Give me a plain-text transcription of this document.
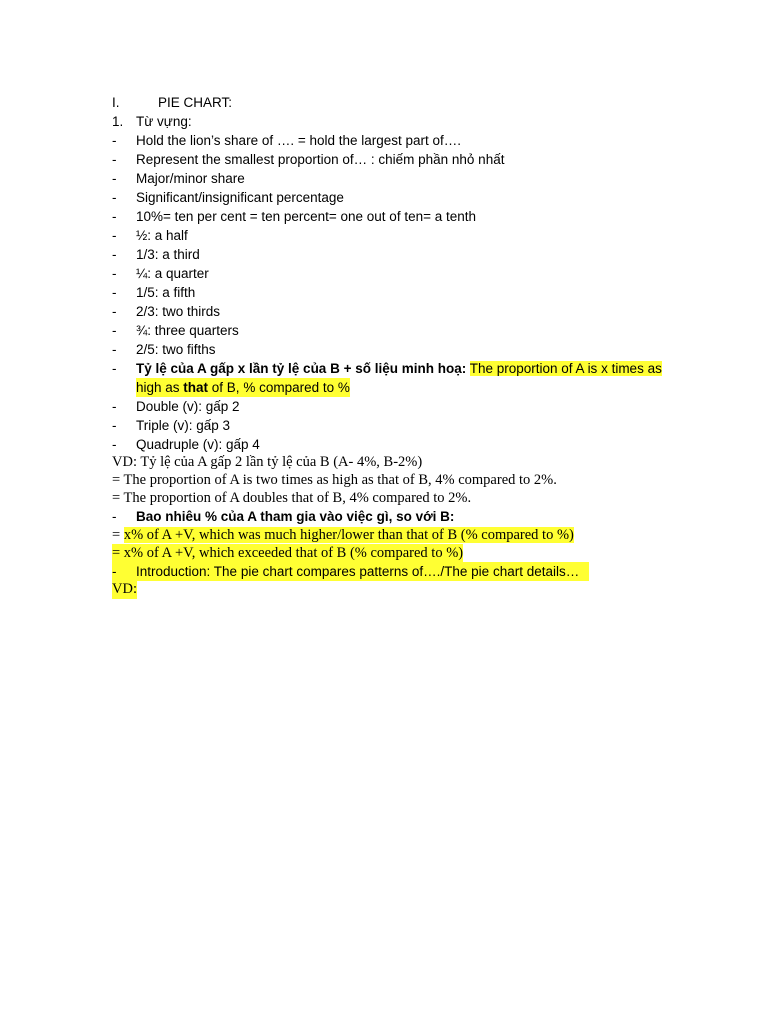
I.	PIE CHART:
1. Từ vựng:
- Hold the lion’s share of …. = hold the largest part of….
- Represent the smallest proportion of… : chiếm phần nhỏ nhất
- Major/minor share
- Significant/insignificant percentage
- 10%= ten per cent = ten percent= one out of ten= a tenth
- ½: a half
- 1/3: a third
- ¼: a quarter
- 1/5: a fifth
- 2/3: two thirds
- ¾: three quarters
- 2/5: two fifths
- Tỷ lệ của A gấp x lần tỷ lệ của B + số liệu minh hoạ: The proportion of A is x times as
high as that of B, % compared to %
- Double (v): gấp 2
- Triple (v): gấp 3
- Quadruple (v): gấp 4
VD: Tỷ lệ của A gấp 2 lần tỷ lệ của B (A- 4%, B-2%)
= The proportion of A is two times as high as that of B, 4% compared to 2%.
= The proportion of A doubles that of B, 4% compared to 2%.
- Bao nhiêu % của A tham gia vào việc gì, so với B:
= x% of A +V, which was much higher/lower than that of B (% compared to %)
= x% of A +V, which exceeded that of B (% compared to %)
- Introduction: The pie chart compares patterns of…./The pie chart details…
VD:
